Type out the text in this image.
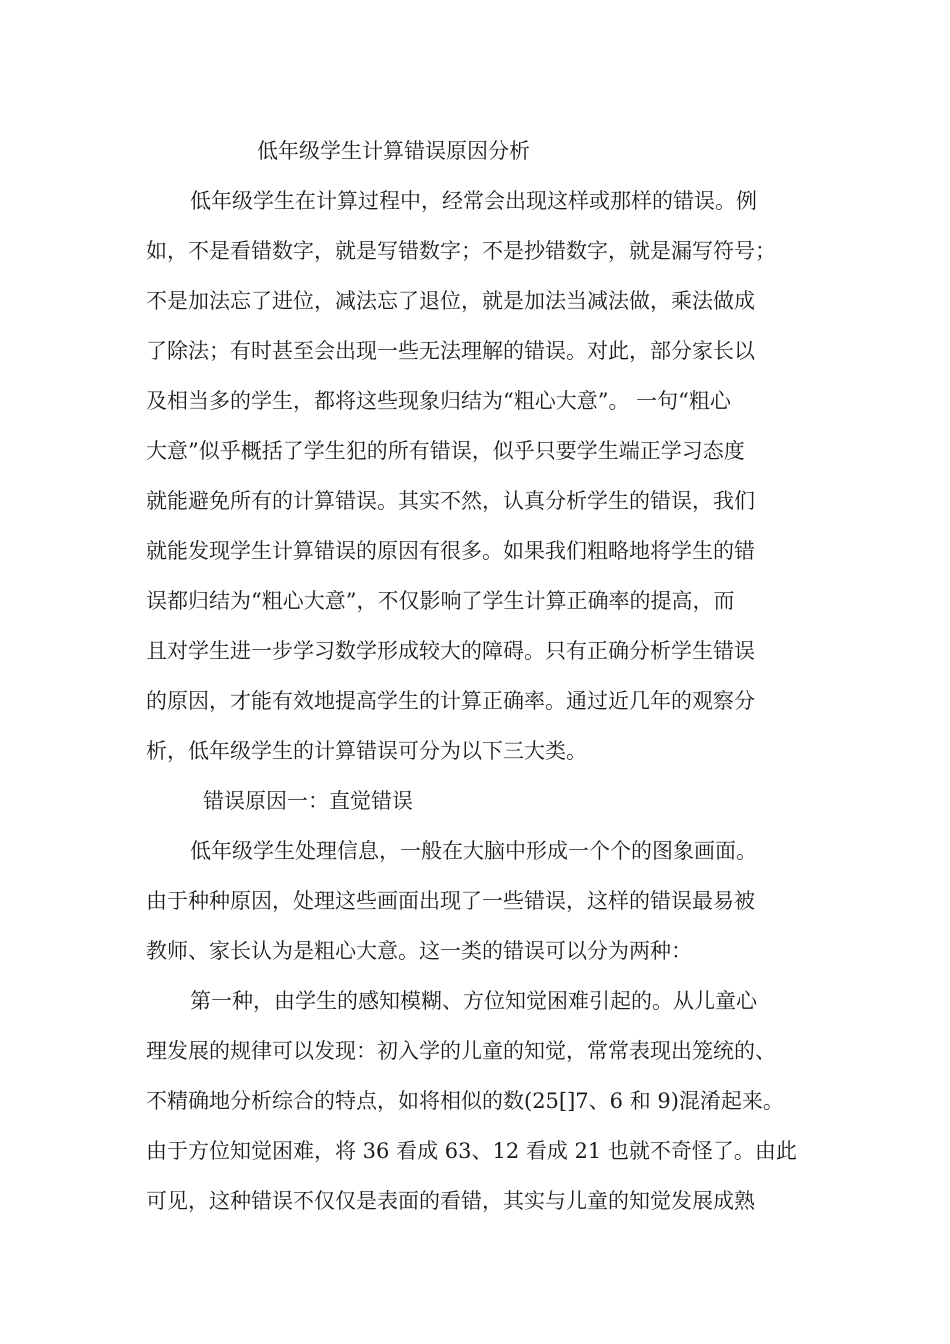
低年级学生计算错误原因分析
低年级学生在计算过程中，经常会出现这样或那样的错误。例
如，不是看错数字，就是写错数字；不是抄错数字，就是漏写符号；
不是加法忘了进位，减法忘了退位，就是加法当减法做，乘法做成
了除法；有时甚至会出现一些无法理解的错误。对此，部分家长以
及相当多的学生，都将这些现象归结为“粗心大意”。 一句“粗心
大意”似乎概括了学生犯的所有错误，似乎只要学生端正学习态度
就能避免所有的计算错误。其实不然，认真分析学生的错误，我们
就能发现学生计算错误的原因有很多。如果我们粗略地将学生的错
误都归结为“粗心大意”，不仅影响了学生计算正确率的提高，而
且对学生进一步学习数学形成较大的障碍。只有正确分析学生错误
的原因，才能有效地提高学生的计算正确率。通过近几年的观察分
析，低年级学生的计算错误可分为以下三大类。
错误原因一：直觉错误
低年级学生处理信息，一般在大脑中形成一个个的图象画面。
由于种种原因，处理这些画面出现了一些错误，这样的错误最易被
教师、家长认为是粗心大意。这一类的错误可以分为两种：
第一种，由学生的感知模糊、方位知觉困难引起的。从儿童心
理发展的规律可以发现：初入学的儿童的知觉，常常表现出笼统的、
不精确地分析综合的特点，如将相似的数(25[]7、6 和 9)混淆起来。
由于方位知觉困难，将 36 看成 63、12 看成 21 也就不奇怪了。由此
可见，这种错误不仅仅是表面的看错，其实与儿童的知觉发展成熟
